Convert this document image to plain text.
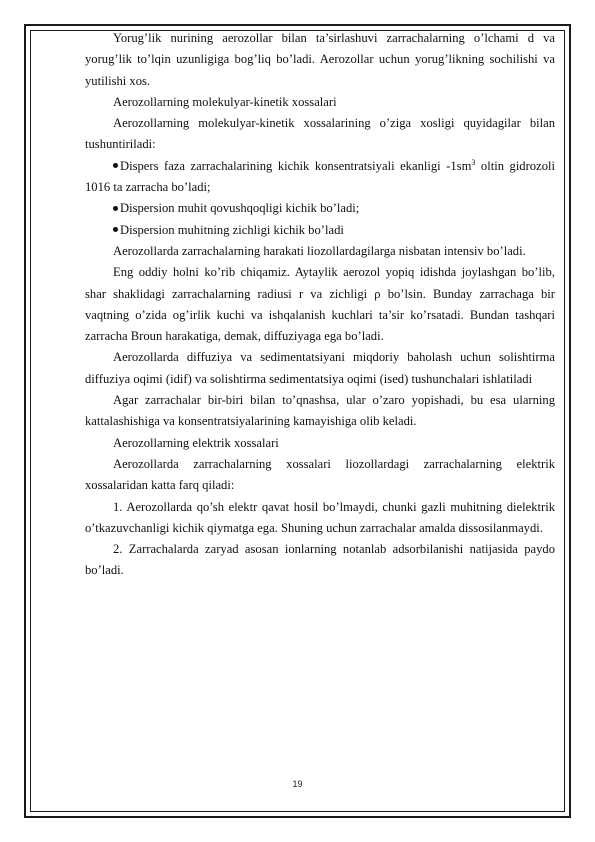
Yorug’lik nurining aerozollar bilan ta’sirlashuvi zarrachalarning o’lchami d va yorug’lik to’lqin uzunligiga bog’liq bo’ladi. Aerozollar uchun yorug’likning sochilishi va yutilishi xos.

Aerozollarning molekulyar-kinetik xossalari

Aerozollarning molekulyar-kinetik xossalarining o’ziga xosligi quyidagilar bilan tushuntiriladi:

Dispers faza zarrachalarining kichik konsentratsiyali ekanligi $-1sm^3$ oltin gidrozoli 1016 ta zarracha bo’ladi;

Dispersion muhit qovushqoqligi kichik bo’ladi;

Dispersion muhitning zichligi kichik bo’ladi

Aerozollarda zarrachalarning harakati liozollardagilarga nisbatan intensiv bo’ladi.

Eng oddiy holni ko’rib chiqamiz. Aytaylik aerozol yopiq idishda joylashgan bo’lib, shar shaklidagi zarrachalarning radiusi r va zichligi ρ bo’lsin. Bunday zarrachaga bir vaqtning o’zida og’irlik kuchi va ishqalanish kuchlari ta’sir ko’rsatadi. Bundan tashqari zarracha Broun harakatiga, demak, diffuziyaga ega bo’ladi.

Aerozollarda diffuziya va sedimentatsiyani miqdoriy baholash uchun solishtirma diffuziya oqimi (idif) va solishtirma sedimentatsiya oqimi (ised) tushunchalari ishlatiladi

Agar zarrachalar bir-biri bilan to’qnashsa, ular o’zaro yopishadi, bu esa ularning kattalashishiga va konsentratsiyalarining kamayishiga olib keladi.

Aerozollarning elektrik xossalari

Aerozollarda zarrachalarning xossalari liozollardagi zarrachalarning elektrik xossalaridan katta farq qiladi:

1. Aerozollarda qo’sh elektr qavat hosil bo’lmaydi, chunki gazli muhitning dielektrik o’tkazuvchanligi kichik qiymatga ega. Shuning uchun zarrachalar amalda dissosilanmaydi.

2. Zarrachalarda zaryad asosan ionlarning notanlab adsorbilanishi natijasida paydo bo’ladi.

19
